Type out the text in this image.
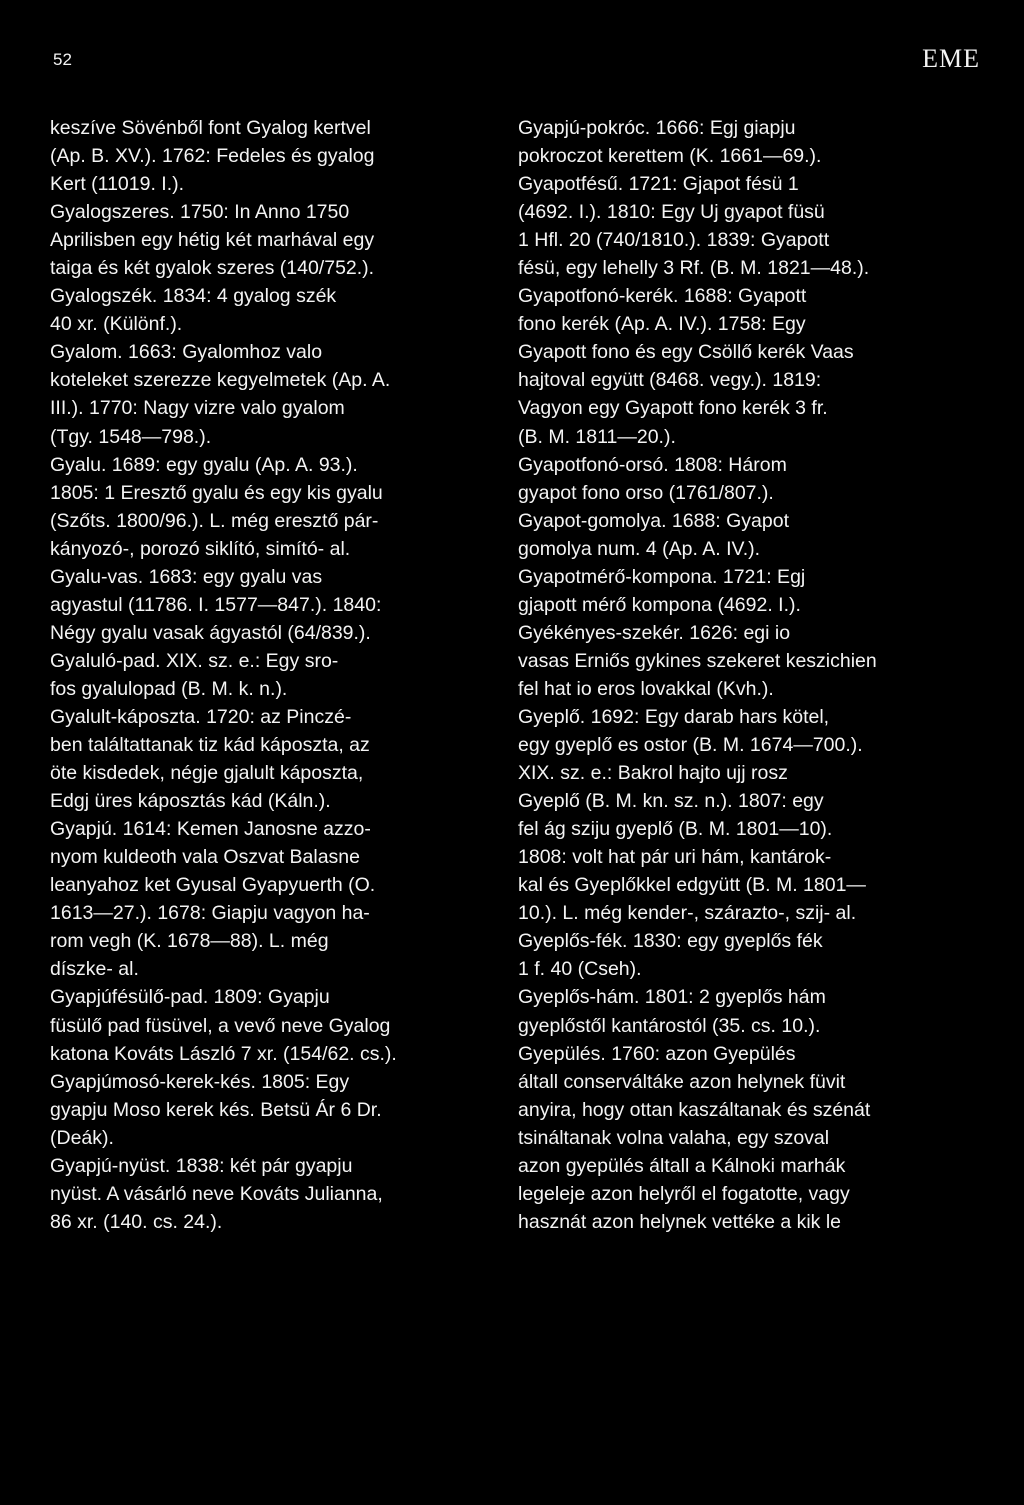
52	EME

keszíve Sövénből font Gyalog kertvel

(Ap. B. XV.). 1762: Fedeles és gyalog

Kert (11019. I.).

Gyalogszeres. 1750: In Anno 1750

Aprilisben egy hétig két marhával egy

taiga és két gyalok szeres (140/752.).

Gyalogszék. 1834: 4 gyalog szék

40 xr. (Különf.).

Gyalom. 1663: Gyalomhoz valo

koteleket szerezze kegyelmetek (Ap. A.

III.). 1770: Nagy vizre valo gyalom

(Tgy. 1548—798.).

Gyalu. 1689: egy gyalu (Ap. A. 93.).

1805: 1 Eresztő gyalu és egy kis gyalu

(Szőts. 1800/96.). L. még eresztő pár-

kányozó-, porozó siklító, simító- al.

Gyalu-vas. 1683: egy gyalu vas

agyastul (11786. I. 1577—847.). 1840:

Négy gyalu vasak ágyastól (64/839.).

Gyaluló-pad. XIX. sz. e.: Egy sro-

fos gyalulopad (B. M. k. n.).

Gyalult-káposzta. 1720: az Pinczé-

ben találtattanak tiz kád káposzta, az

öte kisdedek, négje gjalult káposzta,

Edgj üres káposztás kád (Káln.).

Gyapjú. 1614: Kemen Janosne azzo-

nyom kuldeoth vala Oszvat Balasne

leanyahoz ket Gyusal Gyapyuerth (O.

1613—27.). 1678: Giapju vagyon ha-

rom vegh (K. 1678—88). L. még

díszke- al.

Gyapjúfésülő-pad. 1809: Gyapju

füsülő pad füsüvel, a vevő neve Gyalog

katona Kováts László 7 xr. (154/62. cs.).

Gyapjúmosó-kerek-kés. 1805: Egy

gyapju Moso kerek kés. Betsü Ár 6 Dr.

(Deák).

Gyapjú-nyüst. 1838: két pár gyapju

nyüst. A vásárló neve Kováts Julianna,

86 xr. (140. cs. 24.).

Gyapjú-pokróc. 1666: Egj giapju

pokroczot kerettem (K. 1661—69.).

Gyapotfésű. 1721: Gjapot fésü 1

(4692. I.). 1810: Egy Uj gyapot füsü

1 Hfl. 20 (740/1810.). 1839: Gyapott

fésü, egy lehelly 3 Rf. (B. M. 1821—48.).

Gyapotfonó-kerék. 1688: Gyapott

fono kerék (Ap. A. IV.). 1758: Egy

Gyapott fono és egy Csöllő kerék Vaas

hajtoval együtt (8468. vegy.). 1819:

Vagyon egy Gyapott fono kerék 3 fr.

(B. M. 1811—20.).

Gyapotfonó-orsó. 1808: Három

gyapot fono orso (1761/807.).

Gyapot-gomolya. 1688: Gyapot

gomolya num. 4 (Ap. A. IV.).

Gyapotmérő-kompona. 1721: Egj

gjapott mérő kompona (4692. I.).

Gyékényes-szekér. 1626: egi io

vasas Erniős gykines szekeret keszichien

fel hat io eros lovakkal (Kvh.).

Gyeplő. 1692: Egy darab hars kötel,

egy gyeplő es ostor (B. M. 1674—700.).

XIX. sz. e.: Bakrol hajto ujj rosz

Gyeplő (B. M. kn. sz. n.). 1807: egy

fel ág sziju gyeplő (B. M. 1801—10).

1808: volt hat pár uri hám, kantárok-

kal és Gyeplőkkel edgyütt (B. M. 1801—

10.). L. még kender-, szárazto-, szij- al.

Gyeplős-fék. 1830: egy gyeplős fék

1 f. 40 (Cseh).

Gyeplős-hám. 1801: 2 gyeplős hám

gyeplőstől kantárostól (35. cs. 10.).

Gyepülés. 1760: azon Gyepülés

általl conserváltáke azon helynek füvit

anyira, hogy ottan kaszáltanak és szénát

tsináltanak volna valaha, egy szoval

azon gyepülés általl a Kálnoki marhák

legeleje azon helyről el fogatotte, vagy

hasznát azon helynek vettéke a kik le
